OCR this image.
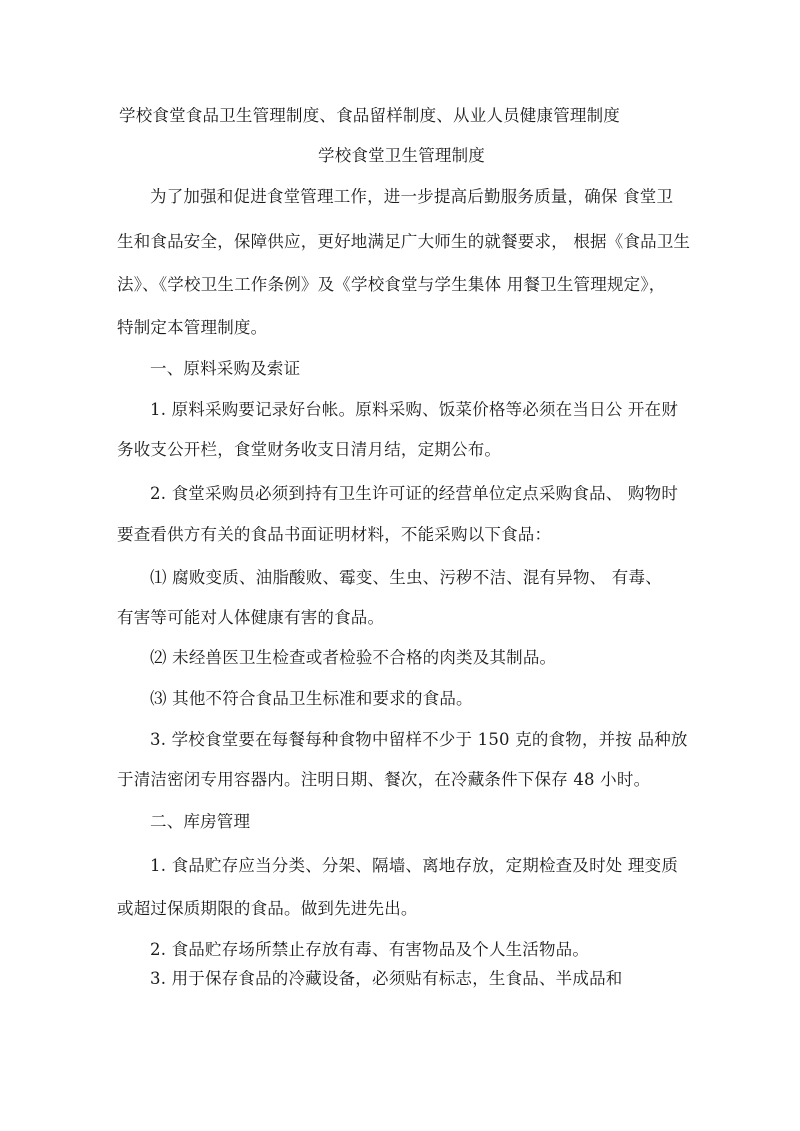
学校食堂食品卫生管理制度、食品留样制度、从业人员健康管理制度
学校食堂卫生管理制度
为了加强和促进食堂管理工作，进一步提高后勤服务质量，确保 食堂卫
生和食品安全，保障供应，更好地满足广大师生的就餐要求， 根据《食品卫生
法》、《学校卫生工作条例》及《学校食堂与学生集体 用餐卫生管理规定》，
特制定本管理制度。
一、原料采购及索证
1. 原料采购要记录好台帐。原料采购、饭菜价格等必须在当日公 开在财
务收支公开栏，食堂财务收支日清月结，定期公布。
2. 食堂采购员必须到持有卫生许可证的经营单位定点采购食品、 购物时
要查看供方有关的食品书面证明材料，不能采购以下食品：
⑴ 腐败变质、油脂酸败、霉变、生虫、污秽不洁、混有异物、 有毒、
有害等可能对人体健康有害的食品。
⑵ 未经兽医卫生检查或者检验不合格的肉类及其制品。
⑶ 其他不符合食品卫生标准和要求的食品。
3. 学校食堂要在每餐每种食物中留样不少于 150 克的食物，并按 品种放
于清洁密闭专用容器内。注明日期、餐次，在冷藏条件下保存 48 小时。
二、库房管理
1. 食品贮存应当分类、分架、隔墙、离地存放，定期检查及时处 理变质
或超过保质期限的食品。做到先进先出。
2. 食品贮存场所禁止存放有毒、有害物品及个人生活物品。
3. 用于保存食品的冷藏设备，必须贴有标志，生食品、半成品和
